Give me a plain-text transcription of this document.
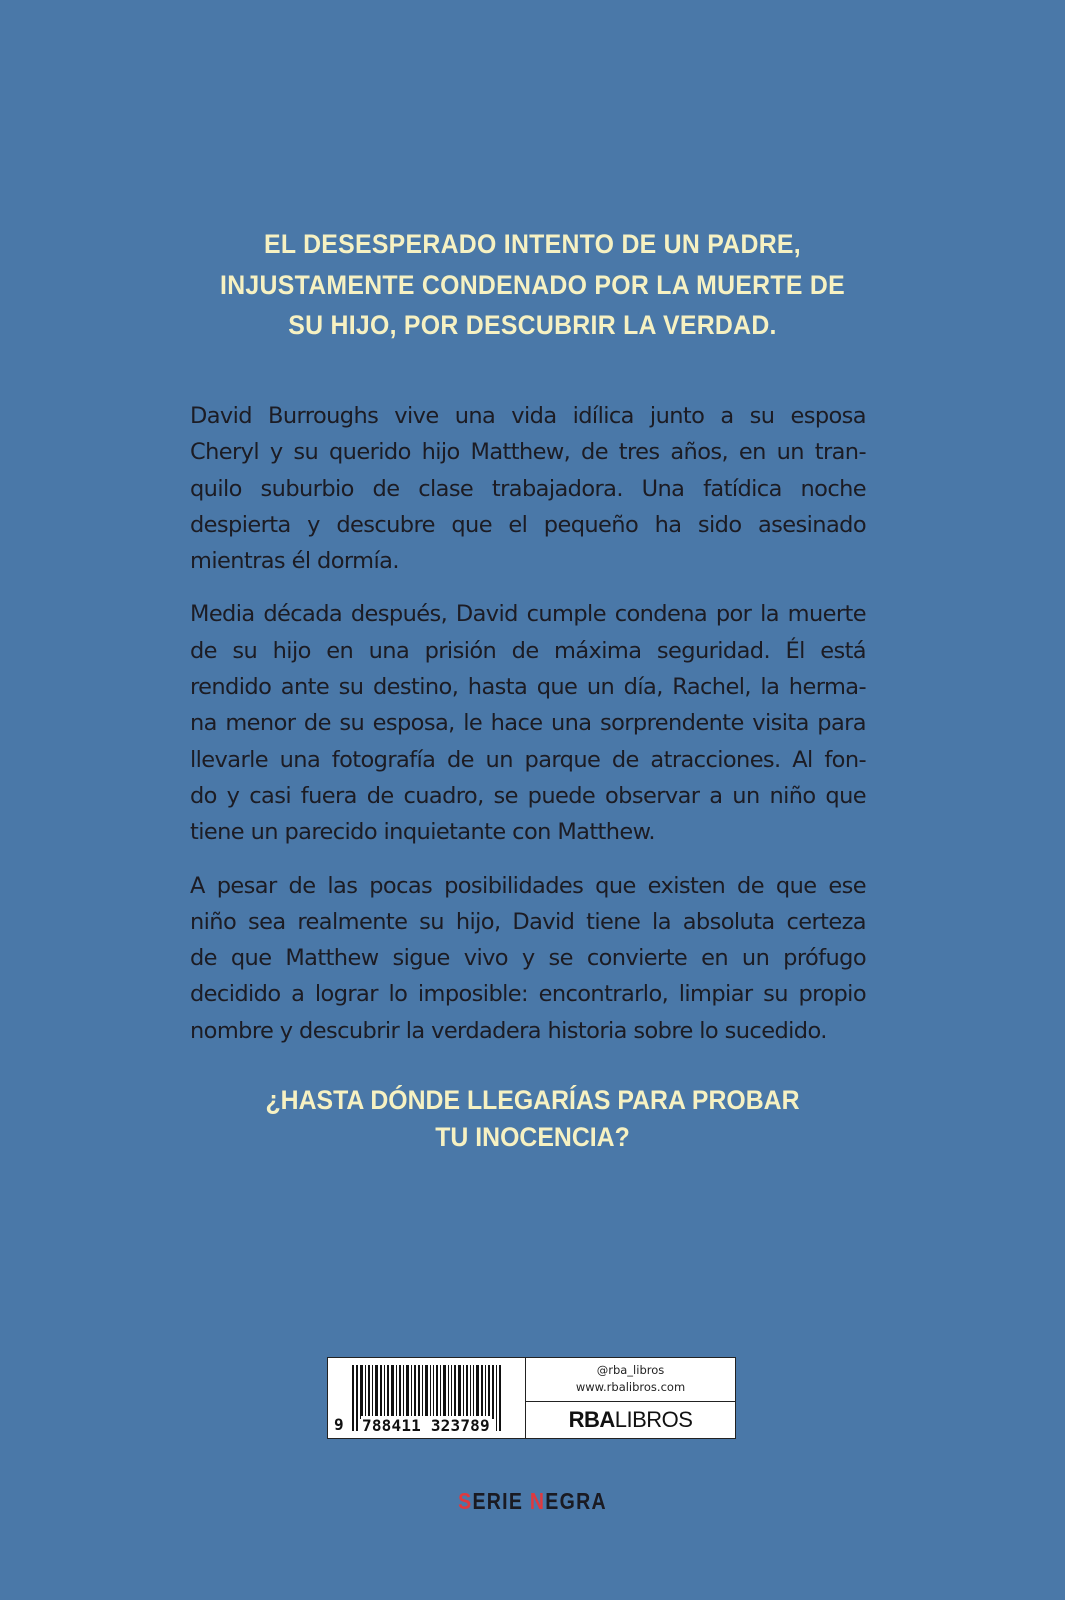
EL DESESPERADO INTENTO DE UN PADRE,
INJUSTAMENTE CONDENADO POR LA MUERTE DE
SU HIJO, POR DESCUBRIR LA VERDAD.

David Burroughs vive una vida idílica junto a su esposa
Cheryl y su querido hijo Matthew, de tres años, en un tran-
quilo suburbio de clase trabajadora. Una fatídica noche
despierta y descubre que el pequeño ha sido asesinado
mientras él dormía.

Media década después, David cumple condena por la muerte
de su hijo en una prisión de máxima seguridad. Él está
rendido ante su destino, hasta que un día, Rachel, la herma-
na menor de su esposa, le hace una sorprendente visita para
llevarle una fotografía de un parque de atracciones. Al fon-
do y casi fuera de cuadro, se puede observar a un niño que
tiene un parecido inquietante con Matthew.

A pesar de las pocas posibilidades que existen de que ese
niño sea realmente su hijo, David tiene la absoluta certeza
de que Matthew sigue vivo y se convierte en un prófugo
decidido a lograr lo imposible: encontrarlo, limpiar su propio
nombre y descubrir la verdadera historia sobre lo sucedido.

¿HASTA DÓNDE LLEGARÍAS PARA PROBAR
TU INOCENCIA?
9 788411 323789
@rba_libros
www.rbalibros.com
RBA LIBROS
SERIE NEGRA
